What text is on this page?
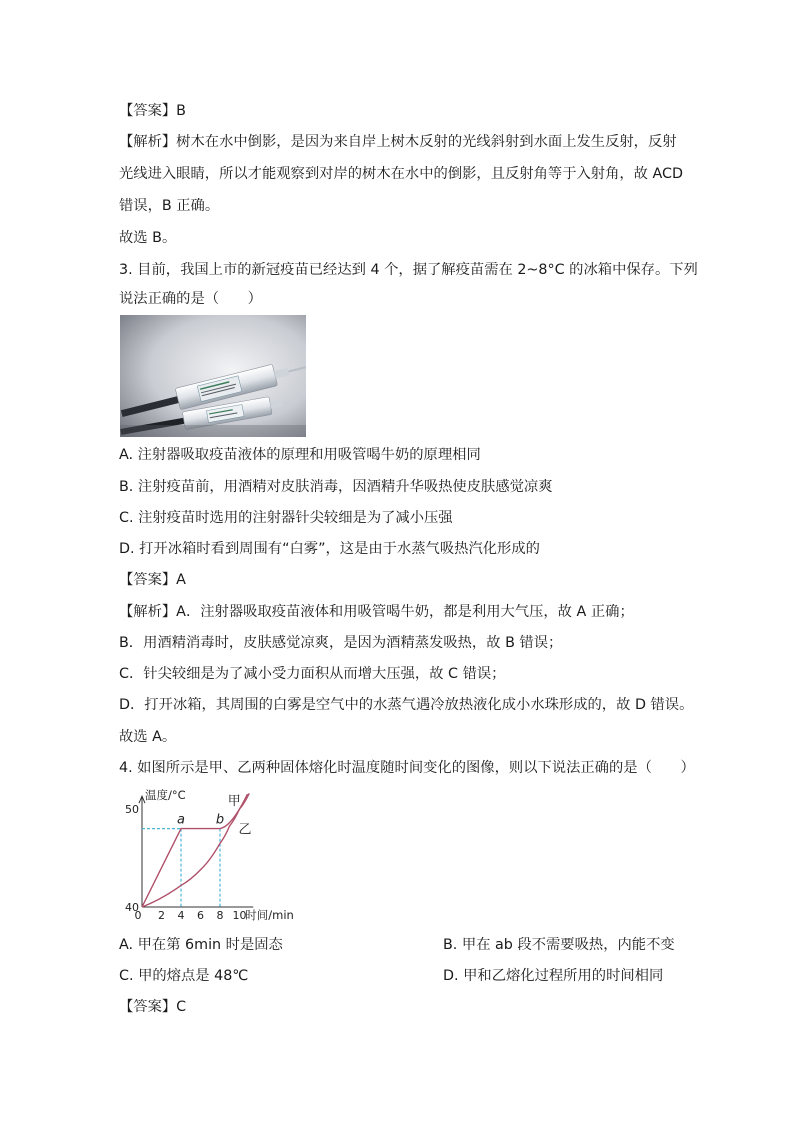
【答案】B
【解析】树木在水中倒影，是因为来自岸上树木反射的光线斜射到水面上发生反射，反射
光线进入眼睛，所以才能观察到对岸的树木在水中的倒影，且反射角等于入射角，故 ACD
错误，B 正确。
故选 B。
3. 目前，我国上市的新冠疫苗已经达到 4 个，据了解疫苗需在 2~8°C 的冰箱中保存。下列
说法正确的是（　　）
A. 注射器吸取疫苗液体的原理和用吸管喝牛奶的原理相同
B. 注射疫苗前，用酒精对皮肤消毒，因酒精升华吸热使皮肤感觉凉爽
C. 注射疫苗时选用的注射器针尖较细是为了减小压强
D. 打开冰箱时看到周围有“白雾”，这是由于水蒸气吸热汽化形成的
【答案】A
【解析】A．注射器吸取疫苗液体和用吸管喝牛奶，都是利用大气压，故 A 正确；
B．用酒精消毒时，皮肤感觉凉爽，是因为酒精蒸发吸热，故 B 错误；
C．针尖较细是为了减小受力面积从而增大压强，故 C 错误；
D．打开冰箱，其周围的白雾是空气中的水蒸气遇冷放热液化成小水珠形成的，故 D 错误。
故选 A。
4. 如图所示是甲、乙两种固体熔化时温度随时间变化的图像，则以下说法正确的是（　　）
0 2 4 6 8 10
40
50
温度/°C
时间/min
甲
乙
a b
A. 甲在第 6min 时是固态	B. 甲在 ab 段不需要吸热，内能不变
C. 甲的熔点是 48℃	D. 甲和乙熔化过程所用的时间相同
【答案】C
